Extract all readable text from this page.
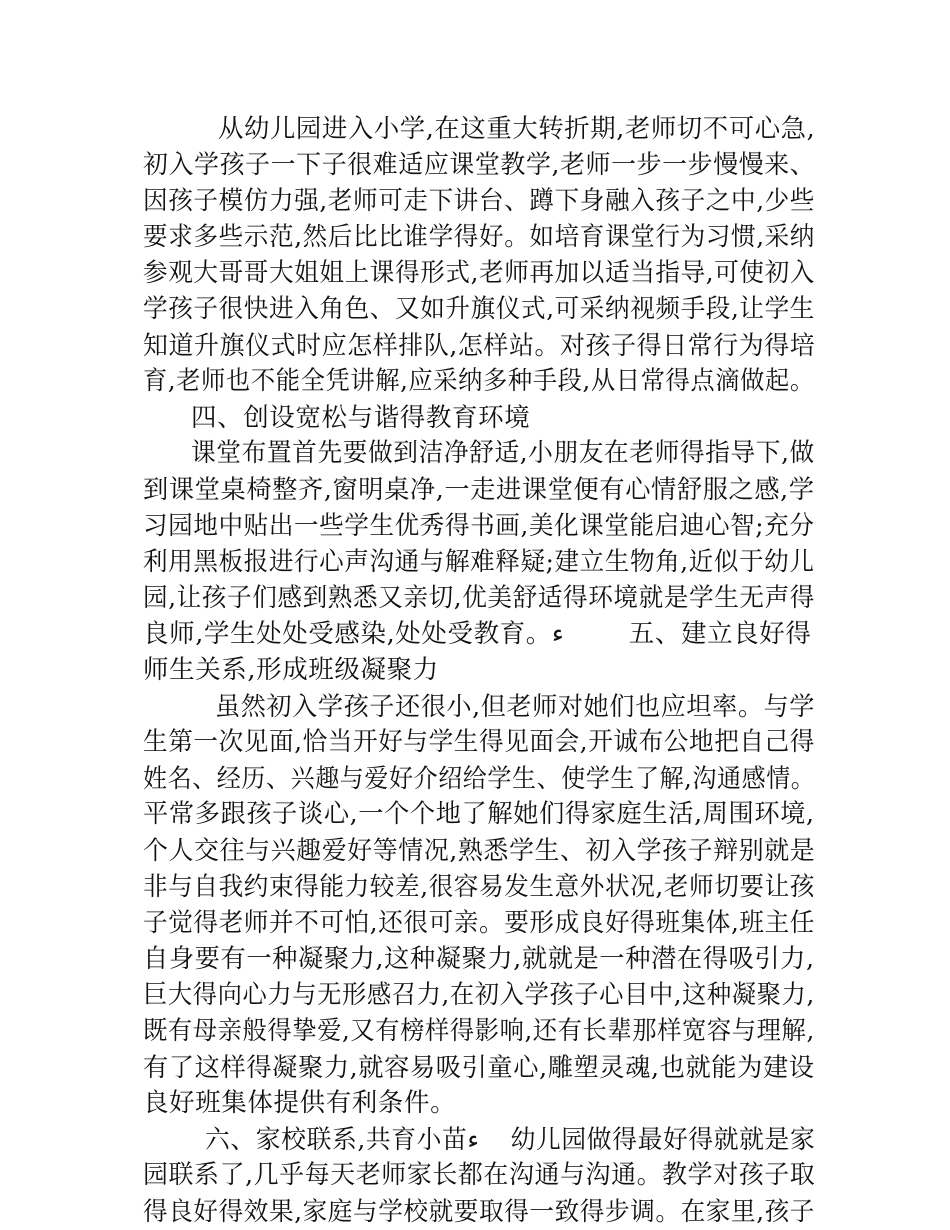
从幼儿园进入小学,在这重大转折期,老师切不可心急,
初入学孩子一下子很难适应课堂教学,老师一步一步慢慢来、
因孩子模仿力强,老师可走下讲台、蹲下身融入孩子之中,少些
要求多些示范,然后比比谁学得好。如培育课堂行为习惯,采纳
参观大哥哥大姐姐上课得形式,老师再加以适当指导,可使初入
学孩子很快进入角色、又如升旗仪式,可采纳视频手段,让学生
知道升旗仪式时应怎样排队,怎样站。对孩子得日常行为得培
育,老师也不能全凭讲解,应采纳多种手段,从日常得点滴做起。
四、创设宽松与谐得教育环境
课堂布置首先要做到洁净舒适,小朋友在老师得指导下,做
到课堂桌椅整齐,窗明桌净,一走进课堂便有心情舒服之感,学
习园地中贴出一些学生优秀得书画,美化课堂能启迪心智;充分
利用黑板报进行心声沟通与解难释疑;建立生物角,近似于幼儿
园,让孩子们感到熟悉又亲切,优美舒适得环境就是学生无声得
良师,学生处处受感染,处处受教育。ء        五、建立良好得
师生关系,形成班级凝聚力
虽然初入学孩子还很小,但老师对她们也应坦率。与学
生第一次见面,恰当开好与学生得见面会,开诚布公地把自己得
姓名、经历、兴趣与爱好介绍给学生、使学生了解,沟通感情。
平常多跟孩子谈心,一个个地了解她们得家庭生活,周围环境,
个人交往与兴趣爱好等情况,熟悉学生、初入学孩子辩别就是
非与自我约束得能力较差,很容易发生意外状况,老师切要让孩
子觉得老师并不可怕,还很可亲。要形成良好得班集体,班主任
自身要有一种凝聚力,这种凝聚力,就就是一种潜在得吸引力,
巨大得向心力与无形感召力,在初入学孩子心目中,这种凝聚力,
既有母亲般得挚爱,又有榜样得影响,还有长辈那样宽容与理解,
有了这样得凝聚力,就容易吸引童心,雕塑灵魂,也就能为建设
良好班集体提供有利条件。
六、家校联系,共育小苗ء    幼儿园做得最好得就就是家
园联系了,几乎每天老师家长都在沟通与沟通。教学对孩子取
得良好得效果,家庭与学校就要取得一致得步调。在家里,孩子
